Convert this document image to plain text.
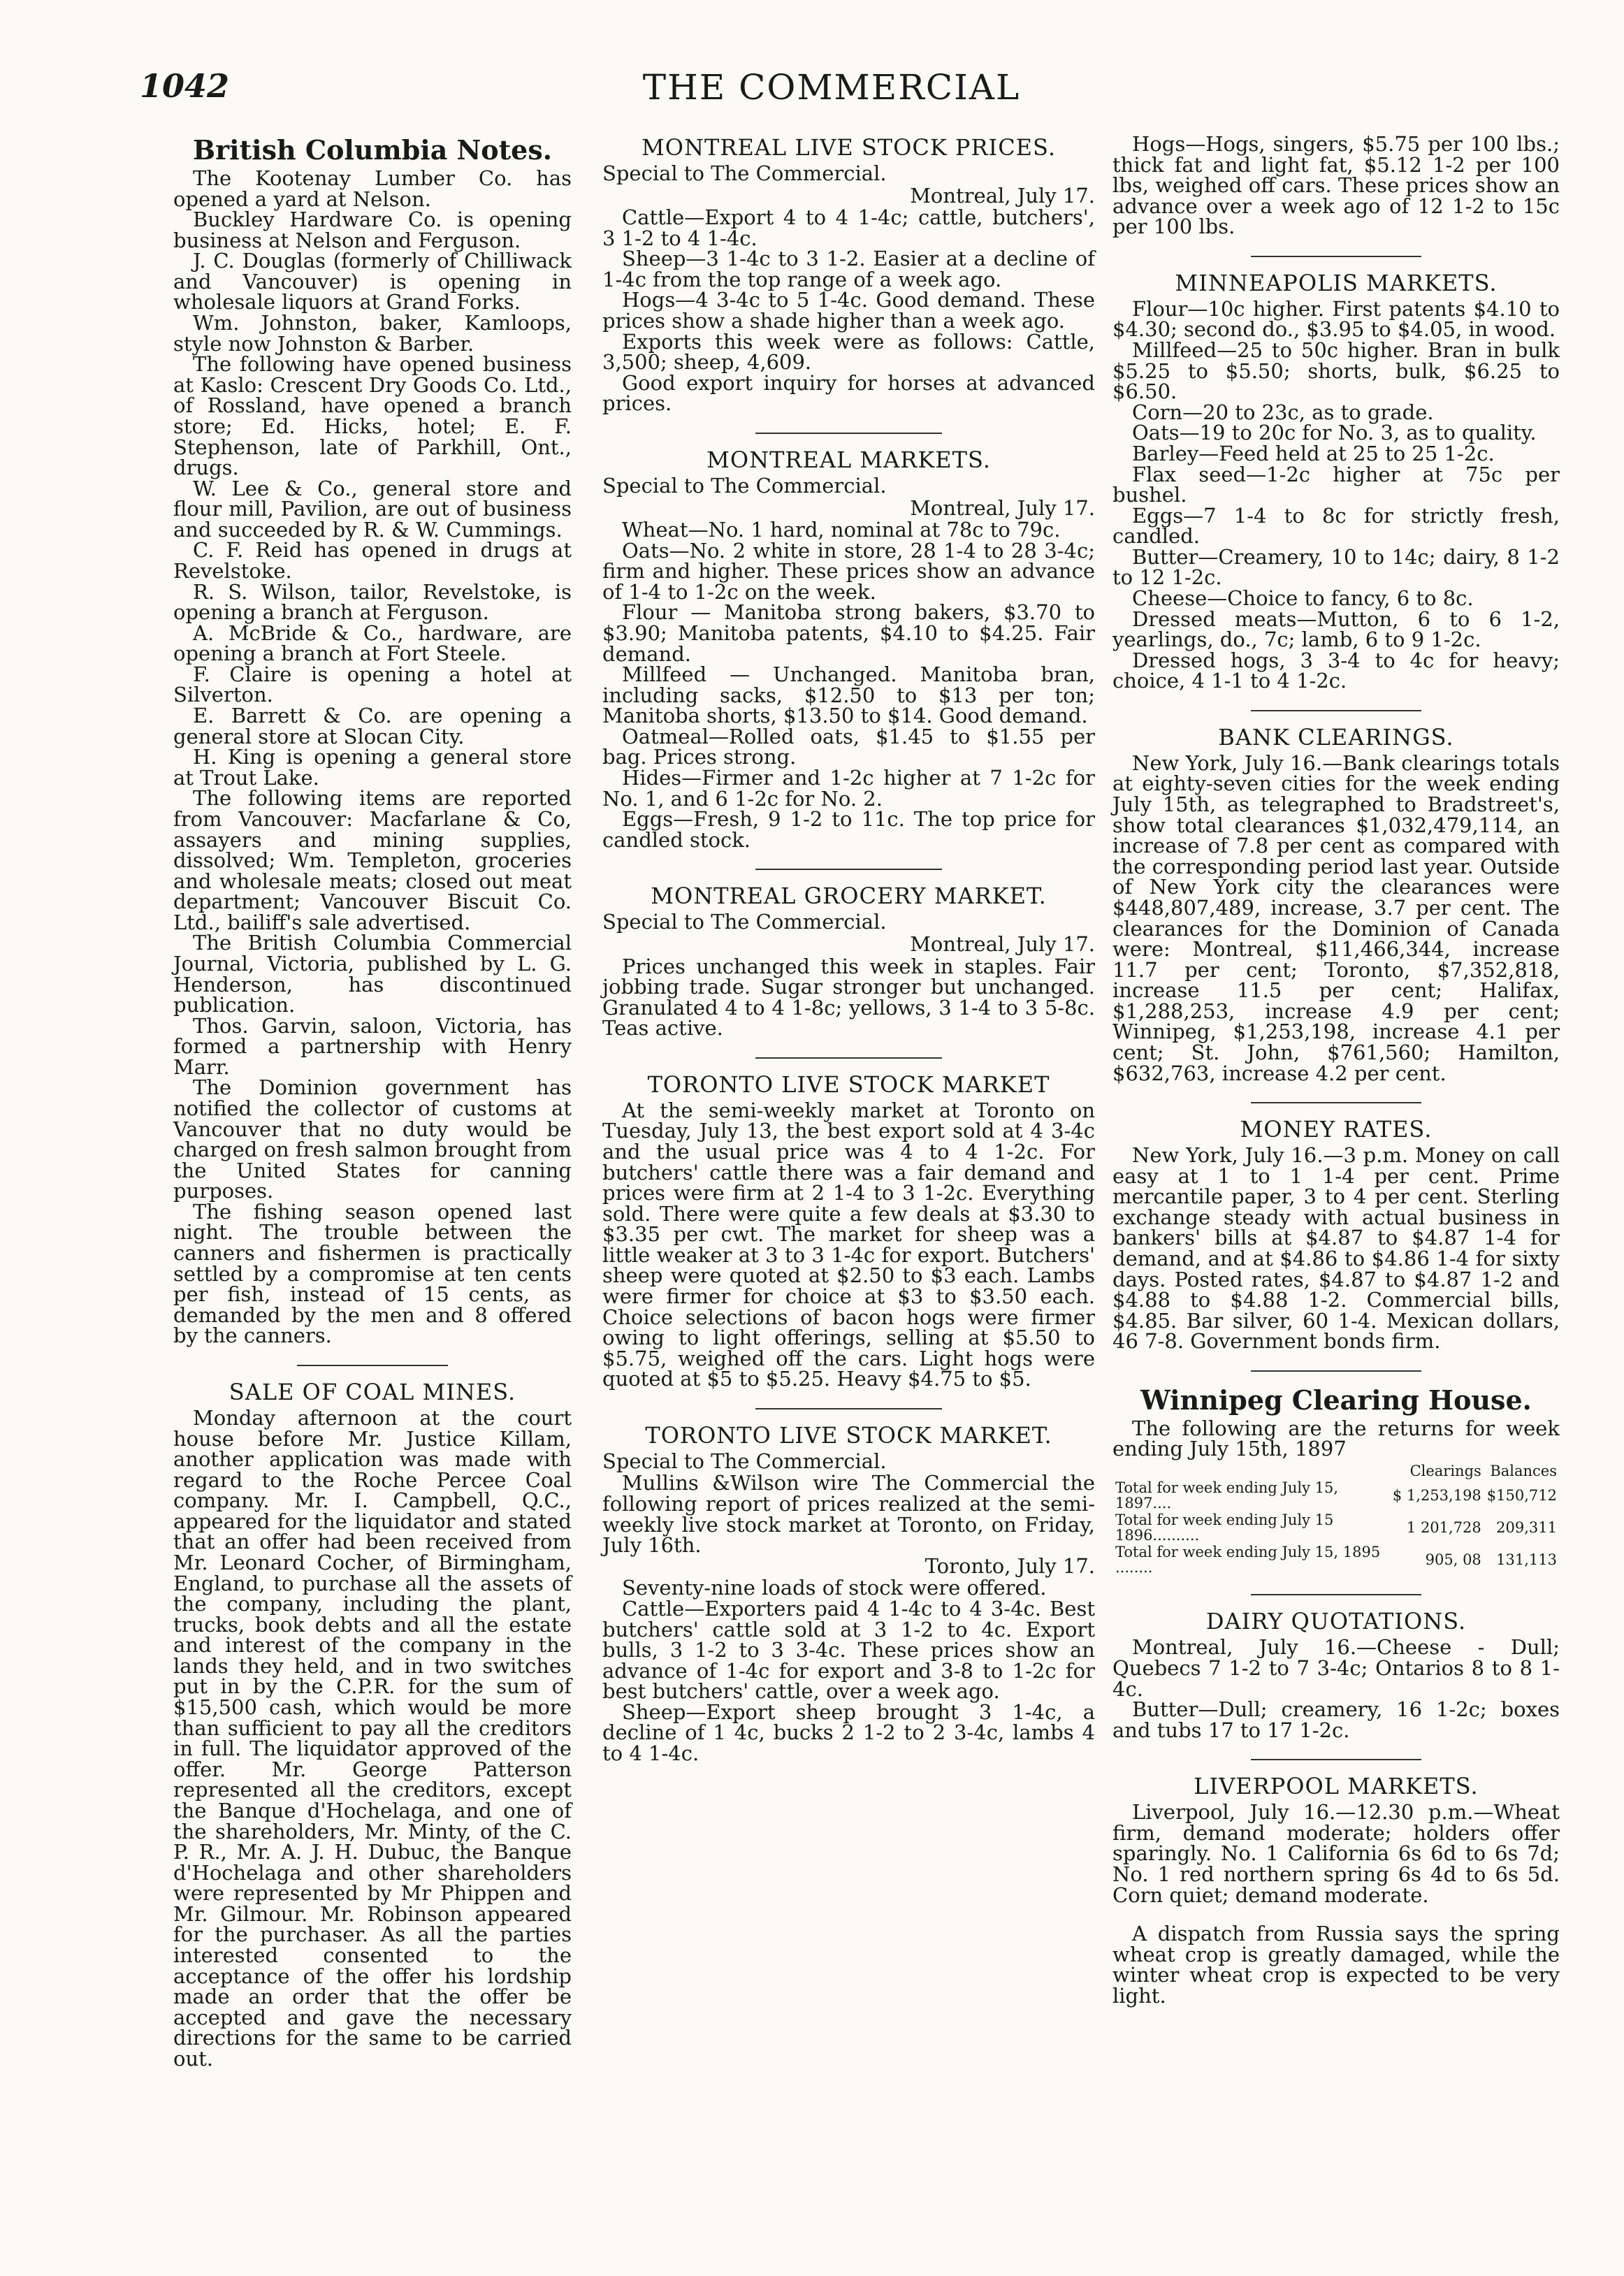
1042	THE COMMERCIAL
British Columbia Notes.

The Kootenay Lumber Co. has opened a yard at Nelson.

Buckley Hardware Co. is opening business at Nelson and Ferguson.

J. C. Douglas (formerly of Chilliwack and Vancouver) is opening in wholesale liquors at Grand Forks.

Wm. Johnston, baker, Kamloops, style now Johnston & Barber.

The following have opened business at Kaslo: Crescent Dry Goods Co. Ltd., of Rossland, have opened a branch store; Ed. Hicks, hotel; E. F. Stephenson, late of Parkhill, Ont., drugs.

W. Lee & Co., general store and flour mill, Pavilion, are out of business and succeeded by R. & W. Cummings.

C. F. Reid has opened in drugs at Revelstoke.

R. S. Wilson, tailor, Revelstoke, is opening a branch at Ferguson.

A. McBride & Co., hardware, are opening a branch at Fort Steele.

F. Claire is opening a hotel at Silverton.

E. Barrett & Co. are opening a general store at Slocan City.

H. King is opening a general store at Trout Lake.

The following items are reported from Vancouver: Macfarlane & Co, assayers and mining supplies, dissolved; Wm. Templeton, groceries and wholesale meats; closed out meat department; Vancouver Biscuit Co. Ltd., bailiff's sale advertised.

The British Columbia Commercial Journal, Victoria, published by L. G. Henderson, has discontinued publication.

Thos. Garvin, saloon, Victoria, has formed a partnership with Henry Marr.

The Dominion government has notified the collector of customs at Vancouver that no duty would be charged on fresh salmon brought from the United States for canning purposes.

The fishing season opened last night. The trouble between the canners and fishermen is practically settled by a compromise at ten cents per fish, instead of 15 cents, as demanded by the men and 8 offered by the canners.

SALE OF COAL MINES.

Monday afternoon at the court house before Mr. Justice Killam, another application was made with regard to the Roche Percee Coal company. Mr. I. Campbell, Q.C., appeared for the liquidator and stated that an offer had been received from Mr. Leonard Cocher, of Birmingham, England, to purchase all the assets of the company, including the plant, trucks, book debts and all the estate and interest of the company in the lands they held, and in two switches put in by the C.P.R. for the sum of $15,500 cash, which would be more than sufficient to pay all the creditors in full. The liquidator approved of the offer. Mr. George Patterson represented all the creditors, except the Banque d'Hochelaga, and one of the shareholders, Mr. Minty, of the C. P. R., Mr. A. J. H. Dubuc, the Banque d'Hochelaga and other shareholders were represented by Mr Phippen and Mr. Gilmour. Mr. Robinson appeared for the purchaser. As all the parties interested consented to the acceptance of the offer his lordship made an order that the offer be accepted and gave the necessary directions for the same to be carried out.

MONTREAL LIVE STOCK PRICES.
Special to The Commercial.
Montreal, July 17.

Cattle—Export 4 to 4 1-4c; cattle, butchers', 3 1-2 to 4 1-4c.

Sheep—3 1-4c to 3 1-2. Easier at a decline of 1-4c from the top range of a week ago.

Hogs—4 3-4c to 5 1-4c. Good demand. These prices show a shade higher than a week ago.

Exports this week were as follows: Cattle, 3,500; sheep, 4,609.

Good export inquiry for horses at advanced prices.

MONTREAL MARKETS.
Special to The Commercial.
Montreal, July 17.

Wheat—No. 1 hard, nominal at 78c to 79c.

Oats—No. 2 white in store, 28 1-4 to 28 3-4c; firm and higher. These prices show an advance of 1-4 to 1-2c on the week.

Flour — Manitoba strong bakers, $3.70 to $3.90; Manitoba patents, $4.10 to $4.25. Fair demand.

Millfeed — Unchanged. Manitoba bran, including sacks, $12.50 to $13 per ton; Manitoba shorts, $13.50 to $14. Good demand.

Oatmeal—Rolled oats, $1.45 to $1.55 per bag. Prices strong.

Hides—Firmer and 1-2c higher at 7 1-2c for No. 1, and 6 1-2c for No. 2.

Eggs—Fresh, 9 1-2 to 11c. The top price for candled stock.

MONTREAL GROCERY MARKET.
Special to The Commercial.
Montreal, July 17.

Prices unchanged this week in staples. Fair jobbing trade. Sugar stronger but unchanged. Granulated 4 to 4 1-8c; yellows, 3 1-4 to 3 5-8c. Teas active.

TORONTO LIVE STOCK MARKET

At the semi-weekly market at Toronto on Tuesday, July 13, the best export sold at 4 3-4c and the usual price was 4 to 4 1-2c. For butchers' cattle there was a fair demand and prices were firm at 2 1-4 to 3 1-2c. Everything sold. There were quite a few deals at $3.30 to $3.35 per cwt. The market for sheep was a little weaker at 3 to 3 1-4c for export. Butchers' sheep were quoted at $2.50 to $3 each. Lambs were firmer for choice at $3 to $3.50 each. Choice selections of bacon hogs were firmer owing to light offerings, selling at $5.50 to $5.75, weighed off the cars. Light hogs were quoted at $5 to $5.25. Heavy $4.75 to $5.

TORONTO LIVE STOCK MARKET.
Special to The Commercial.

Mullins &Wilson wire The Commercial the following report of prices realized at the semi-weekly live stock market at Toronto, on Friday, July 16th.

Toronto, July 17.

Seventy-nine loads of stock were offered.

Cattle—Exporters paid 4 1-4c to 4 3-4c. Best butchers' cattle sold at 3 1-2 to 4c. Export bulls, 3 1-2 to 3 3-4c. These prices show an advance of 1-4c for export and 3-8 to 1-2c for best butchers' cattle, over a week ago.

Sheep—Export sheep brought 3 1-4c, a decline of 1 4c, bucks 2 1-2 to 2 3-4c, lambs 4 to 4 1-4c.

Hogs—Hogs, singers, $5.75 per 100 lbs.; thick fat and light fat, $5.12 1-2 per 100 lbs, weighed off cars. These prices show an advance over a week ago of 12 1-2 to 15c per 100 lbs.

MINNEAPOLIS MARKETS.

Flour—10c higher. First patents $4.10 to $4.30; second do., $3.95 to $4.05, in wood.

Millfeed—25 to 50c higher. Bran in bulk $5.25 to $5.50; shorts, bulk, $6.25 to $6.50.

Corn—20 to 23c, as to grade.

Oats—19 to 20c for No. 3, as to quality.

Barley—Feed held at 25 to 25 1-2c.

Flax seed—1-2c higher at 75c per bushel.

Eggs—7 1-4 to 8c for strictly fresh, candled.

Butter—Creamery, 10 to 14c; dairy, 8 1-2 to 12 1-2c.

Cheese—Choice to fancy, 6 to 8c.

Dressed meats—Mutton, 6 to 6 1-2, yearlings, do., 7c; lamb, 6 to 9 1-2c.

Dressed hogs, 3 3-4 to 4c for heavy; choice, 4 1-1 to 4 1-2c.

BANK CLEARINGS.

New York, July 16.—Bank clearings totals at eighty-seven cities for the week ending July 15th, as telegraphed to Bradstreet's, show total clearances $1,032,479,114, an increase of 7.8 per cent as compared with the corresponding period last year. Outside of New York city the clearances were $448,807,489, increase, 3.7 per cent. The clearances for the Dominion of Canada were: Montreal, $11,466,344, increase 11.7 per cent; Toronto, $7,352,818, increase 11.5 per cent; Halifax, $1,288,253, increase 4.9 per cent; Winnipeg, $1,253,198, increase 4.1 per cent; St. John, $761,560; Hamilton, $632,763, increase 4.2 per cent.

MONEY RATES.

New York, July 16.—3 p.m. Money on call easy at 1 to 1 1-4 per cent. Prime mercantile paper, 3 to 4 per cent. Sterling exchange steady with actual business in bankers' bills at $4.87 to $4.87 1-4 for demand, and at $4.86 to $4.86 1-4 for sixty days. Posted rates, $4.87 to $4.87 1-2 and $4.88 to $4.88 1-2. Commercial bills, $4.85. Bar silver, 60 1-4. Mexican dollars, 46 7-8. Government bonds firm.

Winnipeg Clearing House.

The following are the returns for week ending July 15th, 1897

	Clearings	Balances
Total for week ending July 15, 1897....	$ 1,253,198	$150,712
Total for week ending July 15 1896..........	1 201,728	209,311
Total for week ending July 15, 1895 ........	905, 08	131,113
DAIRY QUOTATIONS.

Montreal, July 16.—Cheese - Dull; Quebecs 7 1-2 to 7 3-4c; Ontarios 8 to 8 1-4c.

Butter—Dull; creamery, 16 1-2c; boxes and tubs 17 to 17 1-2c.

LIVERPOOL MARKETS.

Liverpool, July 16.—12.30 p.m.—Wheat firm, demand moderate; holders offer sparingly. No. 1 California 6s 6d to 6s 7d; No. 1 red northern spring 6s 4d to 6s 5d. Corn quiet; demand moderate.

A dispatch from Russia says the spring wheat crop is greatly damaged, while the winter wheat crop is expected to be very light.
